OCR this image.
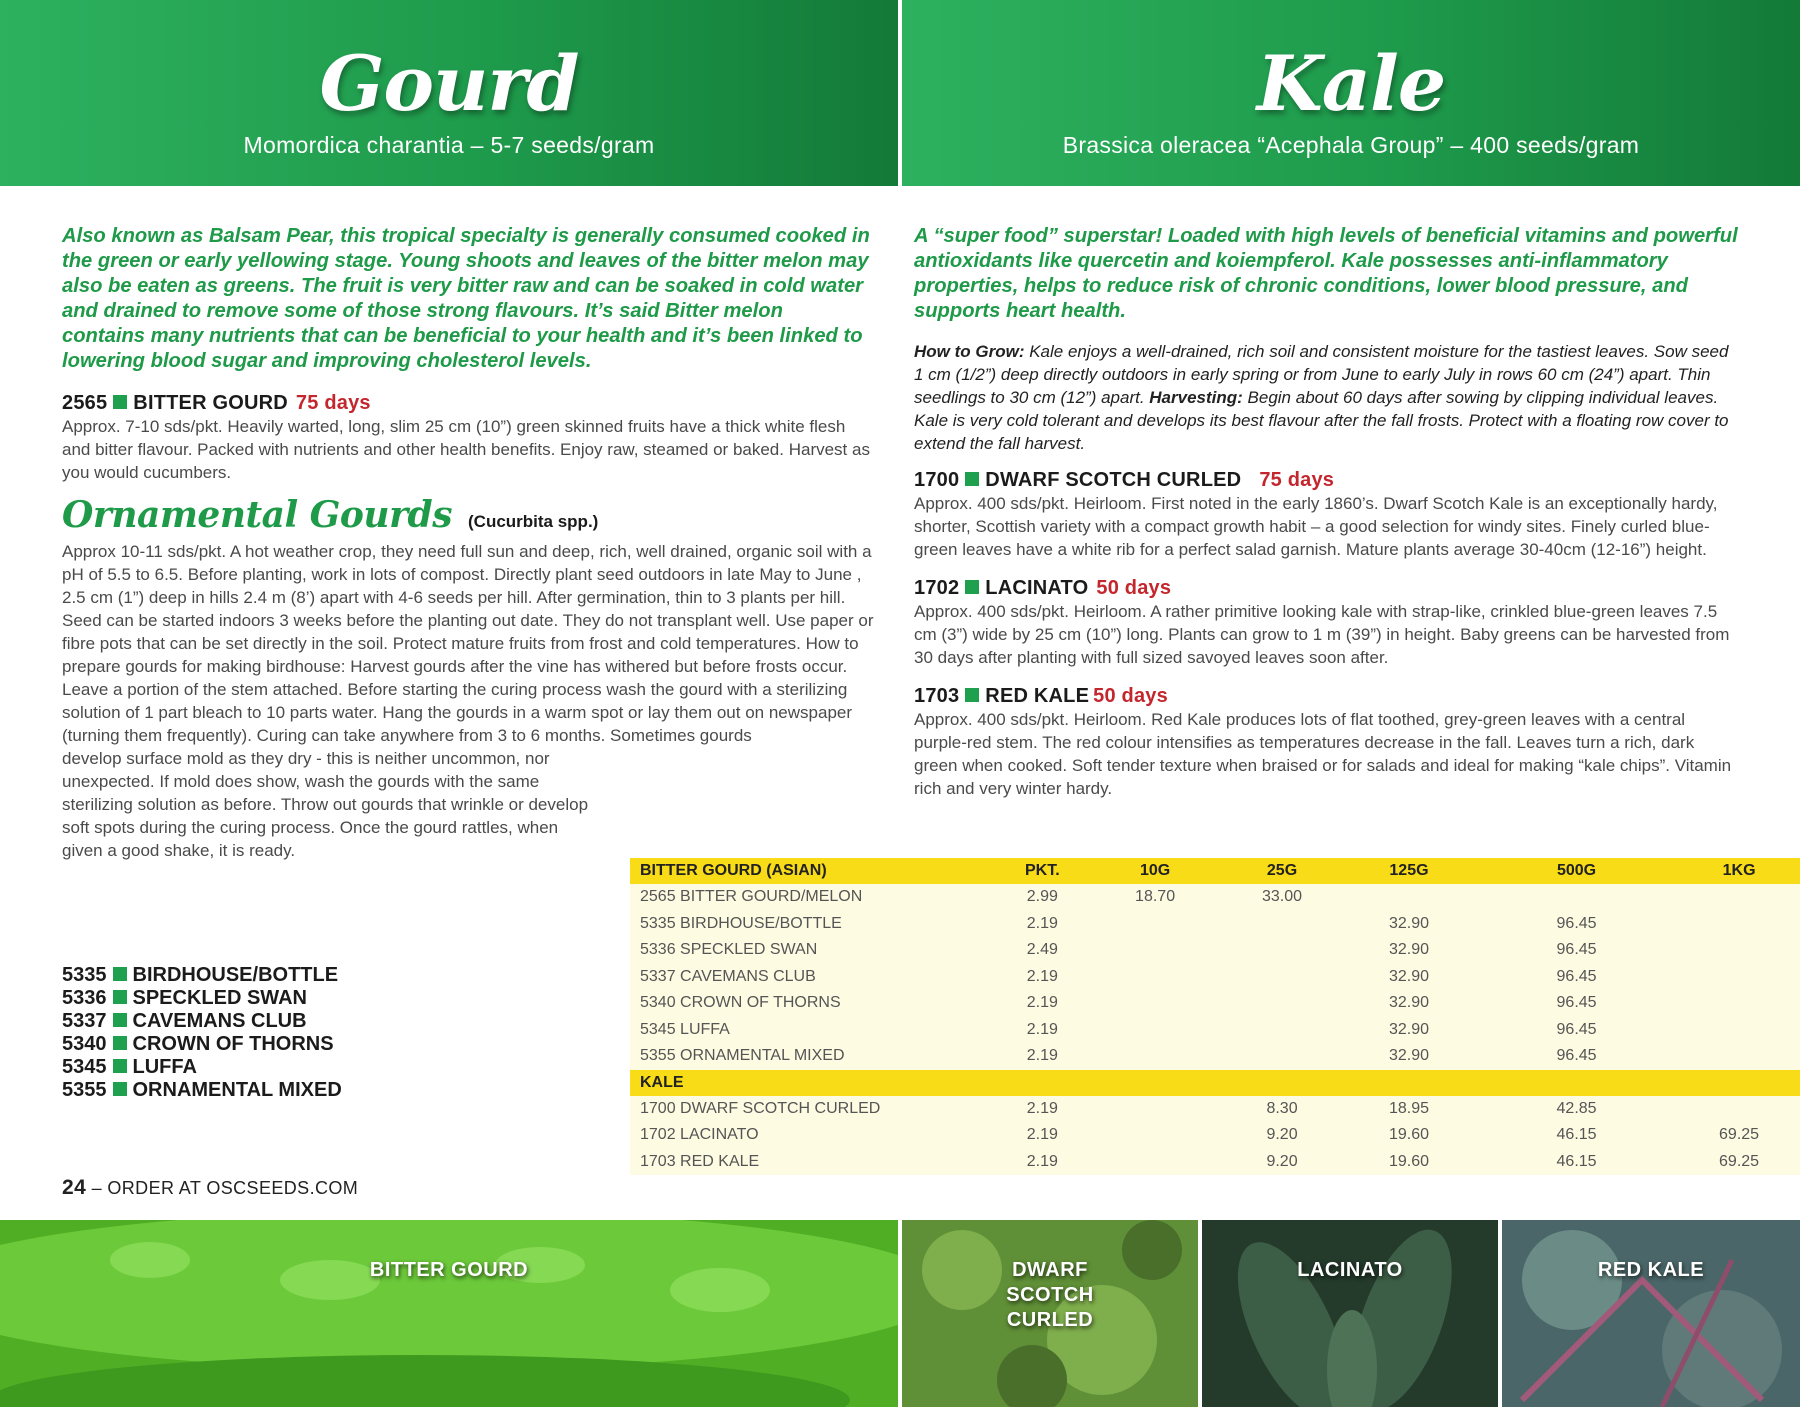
Gourd
Momordica charantia – 5-7 seeds/gram
Kale
Brassica oleracea “Acephala Group” – 400 seeds/gram
Also known as Balsam Pear, this tropical specialty is generally consumed cooked in the green or early yellowing stage. Young shoots and leaves of the bitter melon may also be eaten as greens. The fruit is very bitter raw and can be soaked in cold water and drained to remove some of those strong flavours. It’s said Bitter melon contains many nutrients that can be beneficial to your health and it’s been linked to lowering blood sugar and improving cholesterol levels.
2565 BITTER GOURD 75 days
Approx. 7-10 sds/pkt. Heavily warted, long, slim 25 cm (10”) green skinned fruits have a thick white flesh and bitter flavour. Packed with nutrients and other health benefits. Enjoy raw, steamed or baked. Harvest as you would cucumbers.
Ornamental Gourds (Cucurbita spp.)
Approx 10-11 sds/pkt. A hot weather crop, they need full sun and deep, rich, well drained, organic soil with a pH of 5.5 to 6.5. Before planting, work in lots of compost. Directly plant seed outdoors in late May to June , 2.5 cm (1”) deep in hills 2.4 m (8’) apart with 4-6 seeds per hill. After germination, thin to 3 plants per hill. Seed can be started indoors 3 weeks before the planting out date. They do not transplant well. Use paper or fibre pots that can be set directly in the soil. Protect mature fruits from frost and cold temperatures. How to prepare gourds for making birdhouse: Harvest gourds after the vine has withered but before frosts occur. Leave a portion of the stem attached. Before starting the curing process wash the gourd with a sterilizing solution of 1 part bleach to 10 parts water. Hang the gourds in a warm spot or lay them out on newspaper (turning them frequently). Curing can take anywhere from 3 to 6 months. Sometimes gourds
develop surface mold as they dry - this is neither uncommon, nor unexpected. If mold does show, wash the gourds with the same sterilizing solution as before. Throw out gourds that wrinkle or develop soft spots during the curing process. Once the gourd rattles, when given a good shake, it is ready.
5335 BIRDHOUSE/BOTTLE
5336 SPECKLED SWAN
5337 CAVEMANS CLUB
5340 CROWN OF THORNS
5345 LUFFA
5355 ORNAMENTAL MIXED
A “super food” superstar! Loaded with high levels of beneficial vitamins and powerful antioxidants like quercetin and koiempferol. Kale possesses anti-inflammatory properties, helps to reduce risk of chronic conditions, lower blood pressure, and supports heart health.
How to Grow: Kale enjoys a well-drained, rich soil and consistent moisture for the tastiest leaves. Sow seed 1 cm (1/2”) deep directly outdoors in early spring or from June to early July in rows 60 cm (24”) apart. Thin seedlings to 30 cm (12”) apart. Harvesting: Begin about 60 days after sowing by clipping individual leaves. Kale is very cold tolerant and develops its best flavour after the fall frosts. Protect with a floating row cover to extend the fall harvest.
1700 DWARF SCOTCH CURLED 75 days
Approx. 400 sds/pkt. Heirloom. First noted in the early 1860’s. Dwarf Scotch Kale is an exceptionally hardy, shorter, Scottish variety with a compact growth habit – a good selection for windy sites. Finely curled blue-green leaves have a white rib for a perfect salad garnish. Mature plants average 30-40cm (12-16”) height.
1702 LACINATO 50 days
Approx. 400 sds/pkt. Heirloom. A rather primitive looking kale with strap-like, crinkled blue-green leaves 7.5 cm (3”) wide by 25 cm (10”) long. Plants can grow to 1 m (39”) in height. Baby greens can be harvested from 30 days after planting with full sized savoyed leaves soon after.
1703 RED KALE 50 days
Approx. 400 sds/pkt. Heirloom. Red Kale produces lots of flat toothed, grey-green leaves with a central purple-red stem. The red colour intensifies as temperatures decrease in the fall. Leaves turn a rich, dark green when cooked. Soft tender texture when braised or for salads and ideal for making “kale chips”. Vitamin rich and very winter hardy.
BITTER GOURD (ASIAN)	PKT.	10G	25G	125G	500G	1KG
2565 BITTER GOURD/MELON	2.99	18.70	33.00			
5335 BIRDHOUSE/BOTTLE	2.19			32.90	96.45	
5336 SPECKLED SWAN	2.49			32.90	96.45	
5337 CAVEMANS CLUB	2.19			32.90	96.45	
5340 CROWN OF THORNS	2.19			32.90	96.45	
5345 LUFFA	2.19			32.90	96.45	
5355 ORNAMENTAL MIXED	2.19			32.90	96.45	
KALE						
1700 DWARF SCOTCH CURLED	2.19		8.30	18.95	42.85	
1702 LACINATO	2.19		9.20	19.60	46.15	69.25
1703 RED KALE	2.19		9.20	19.60	46.15	69.25
24 – ORDER AT OSCSEEDS.COM
BITTER GOURD	DWARF SCOTCH CURLED
LACINATO	RED KALE
